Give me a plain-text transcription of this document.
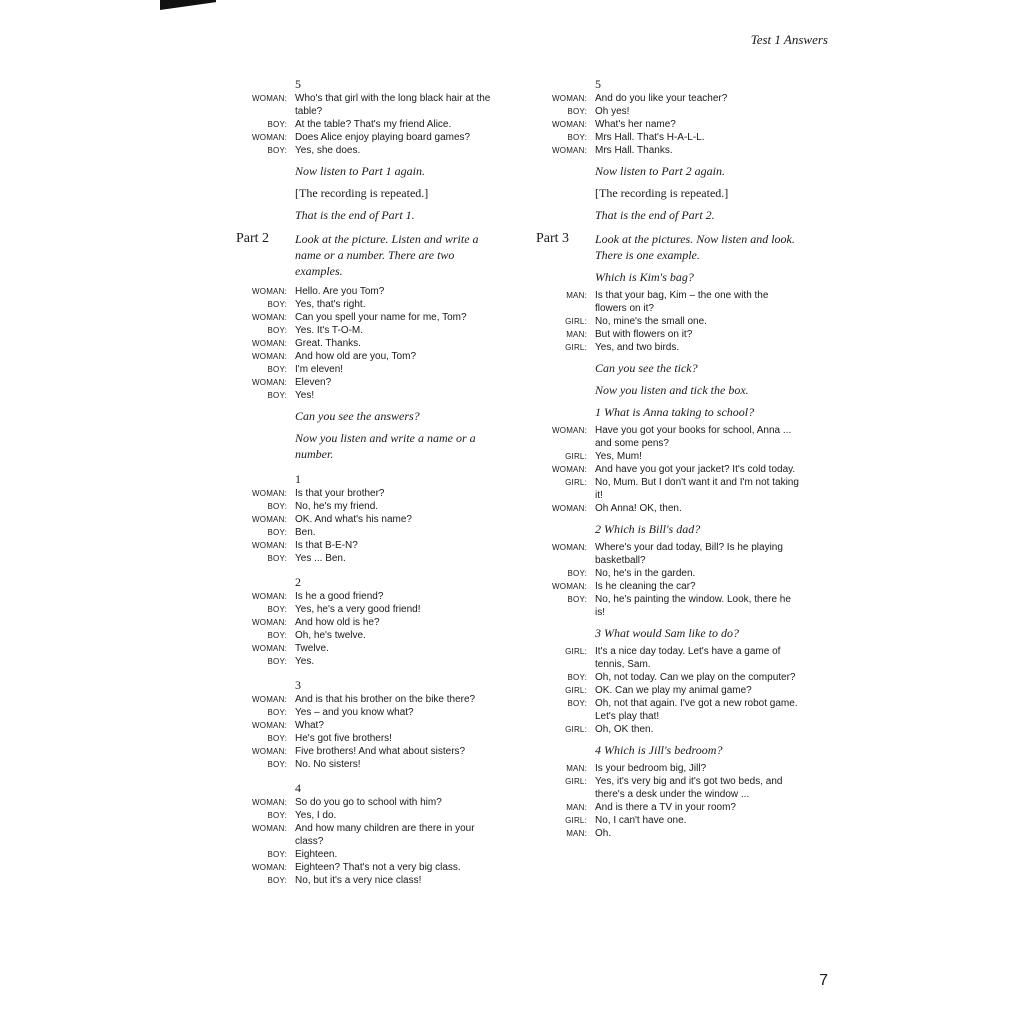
Test 1 Answers
5
WOMAN: Who's that girl with the long black hair at the table?
BOY: At the table? That's my friend Alice.
WOMAN: Does Alice enjoy playing board games?
BOY: Yes, she does.
Now listen to Part 1 again.
[The recording is repeated.]
That is the end of Part 1.
Part 2	Look at the picture. Listen and write a name or a number. There are two examples.
WOMAN: Hello. Are you Tom?
BOY: Yes, that's right.
WOMAN: Can you spell your name for me, Tom?
BOY: Yes. It's T-O-M.
WOMAN: Great. Thanks.
WOMAN: And how old are you, Tom?
BOY: I'm eleven!
WOMAN: Eleven?
BOY: Yes!
Can you see the answers?
Now you listen and write a name or a number.
1
WOMAN: Is that your brother?
BOY: No, he's my friend.
WOMAN: OK. And what's his name?
BOY: Ben.
WOMAN: Is that B-E-N?
BOY: Yes ... Ben.
2
WOMAN: Is he a good friend?
BOY: Yes, he's a very good friend!
WOMAN: And how old is he?
BOY: Oh, he's twelve.
WOMAN: Twelve.
BOY: Yes.
3
WOMAN: And is that his brother on the bike there?
BOY: Yes – and you know what?
WOMAN: What?
BOY: He's got five brothers!
WOMAN: Five brothers! And what about sisters?
BOY: No. No sisters!
4
WOMAN: So do you go to school with him?
BOY: Yes, I do.
WOMAN: And how many children are there in your class?
BOY: Eighteen.
WOMAN: Eighteen? That's not a very big class.
BOY: No, but it's a very nice class!
5
WOMAN: And do you like your teacher?
BOY: Oh yes!
WOMAN: What's her name?
BOY: Mrs Hall. That's H-A-L-L.
WOMAN: Mrs Hall. Thanks.
Now listen to Part 2 again.
[The recording is repeated.]
That is the end of Part 2.
Part 3	Look at the pictures. Now listen and look. There is one example.
Which is Kim's bag?
MAN: Is that your bag, Kim – the one with the flowers on it?
GIRL: No, mine's the small one.
MAN: But with flowers on it?
GIRL: Yes, and two birds.
Can you see the tick?
Now you listen and tick the box.
1 What is Anna taking to school?
WOMAN: Have you got your books for school, Anna ... and some pens?
GIRL: Yes, Mum!
WOMAN: And have you got your jacket? It's cold today.
GIRL: No, Mum. But I don't want it and I'm not taking it!
WOMAN: Oh Anna! OK, then.
2 Which is Bill's dad?
WOMAN: Where's your dad today, Bill? Is he playing basketball?
BOY: No, he's in the garden.
WOMAN: Is he cleaning the car?
BOY: No, he's painting the window. Look, there he is!
3 What would Sam like to do?
GIRL: It's a nice day today. Let's have a game of tennis, Sam.
BOY: Oh, not today. Can we play on the computer?
GIRL: OK. Can we play my animal game?
BOY: Oh, not that again. I've got a new robot game. Let's play that!
GIRL: Oh, OK then.
4 Which is Jill's bedroom?
MAN: Is your bedroom big, Jill?
GIRL: Yes, it's very big and it's got two beds, and there's a desk under the window ...
MAN: And is there a TV in your room?
GIRL: No, I can't have one.
MAN: Oh.
7
